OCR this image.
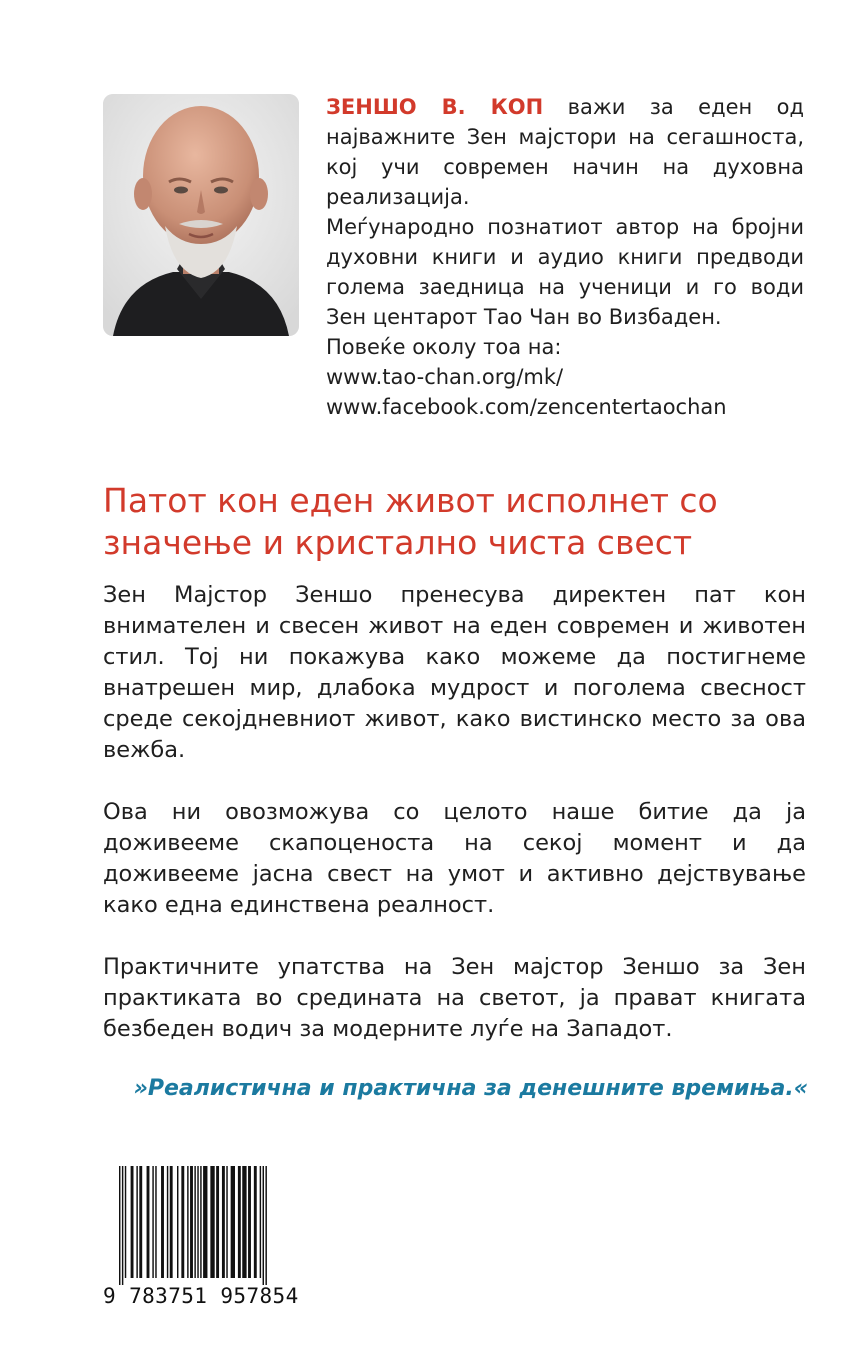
ЗЕНШО В. КОП важи за еден од најважните Зен мајстори на сегашноста, кој учи современ начин на духовна реализација.

Меѓународно познатиот автор на бројни духовни книги и аудио книги предводи голема заедница на ученици и го води Зен центарот Тао Чан во Визбаден.

Повеќе околу тоа на:

www.tao-chan.org/mk/
www.facebook.com/zencentertaochan
Патот кон еден живот исполнет со
значење и кристално чиста свест

Зен Мајстор Зеншо пренесува директен пат кон внимателен и свесен живот на еден современ и животен стил. Тој ни покажува како можеме да постигнеме внатрешен мир, длабока мудрост и поголема свесност среде секојдневниот живот, како вистинско место за ова вежба.

Ова ни овозможува со целото наше битие да ја доживееме скапоценоста на секој момент и да доживееме јасна свест на умот и активно дејствување како една единствена реалност.

Практичните упатства на Зен мајстор Зеншо за Зен практиката во средината на светот, ја прават книгата безбеден водич за модерните луѓе на Западот.

»Реалистична и практична за денешните времиња.«
9 783751 957854
